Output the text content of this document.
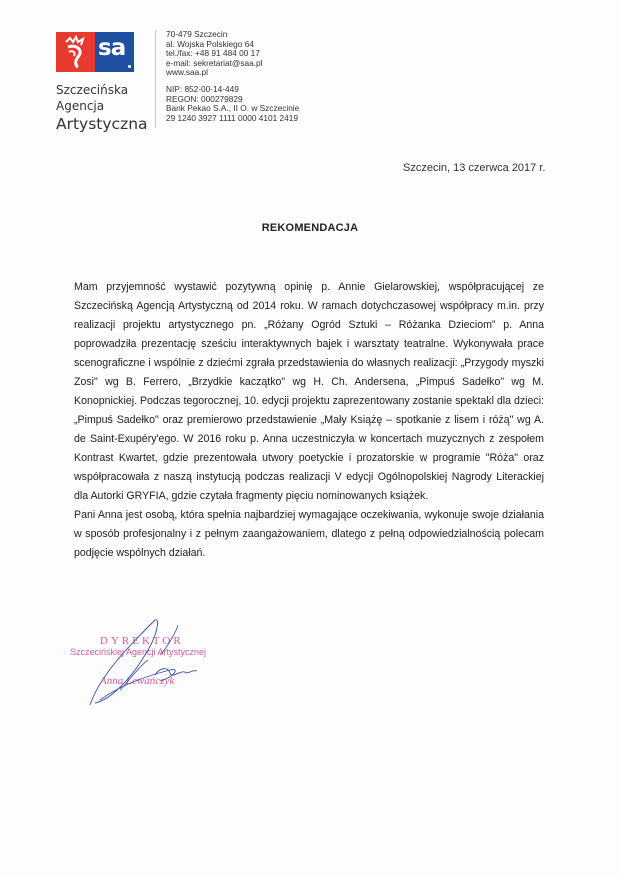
sa
Szczecińska
Agencja
Artystyczna
70-479 Szczecin
al. Wojska Polskiego 64
tel./fax: +48 91 484 00 17
e-mail: sekretariat@saa.pl
www.saa.pl
NIP: 852-00-14-449
REGON: 000279829
Bank Pekao S.A., II O. w Szczecinie
29 1240 3927 1111 0000 4101 2419
Szczecin, 13 czerwca 2017 r.
REKOMENDACJA

Mam przyjemność wystawić pozytywną opinię p. Annie Gielarowskiej, współpracującej ze Szczecińską Agencją Artystyczną od 2014 roku. W ramach dotychczasowej współpracy m.in. przy realizacji projektu artystycznego pn. „Różany Ogród Sztuki – Różanka Dzieciom” p. Anna poprowadziła prezentację sześciu interaktywnych bajek i warsztaty teatralne. Wykonywała prace scenograficzne i wspólnie z dziećmi zgrała przedstawienia do własnych realizacji: „Przygody myszki Zosi" wg B. Ferrero, „Brzydkie kaczątko" wg H. Ch. Andersena, „Pimpuś Sadełko" wg M. Konopnickiej. Podczas tegorocznej, 10. edycji projektu zaprezentowany zostanie spektakl dla dzieci: „Pimpuś Sadełko" oraz premierowo przedstawienie „Mały Książę – spotkanie z lisem i różą" wg A. de Saint-Exupéry'ego. W 2016 roku p. Anna uczestniczyła w koncertach muzycznych z zespołem Kontrast Kwartet, gdzie prezentowała utwory poetyckie i prozatorskie w programie "Róża" oraz współpracowała z naszą instytucją podczas realizacji V edycji Ogólnopolskiej Nagrody Literackiej dla Autorki GRYFIA, gdzie czytała fragmenty pięciu nominowanych książek.

Pani Anna jest osobą, która spełnia najbardziej wymagające oczekiwania, wykonuje swoje działania w sposób profesjonalny i z pełnym zaangażowaniem, dlatego z pełną odpowiedzialnością polecam podjęcie wspólnych działań.

DYREKTOR
Szczecińskiej Agencji Artystycznej
Anna Lewańczyk
